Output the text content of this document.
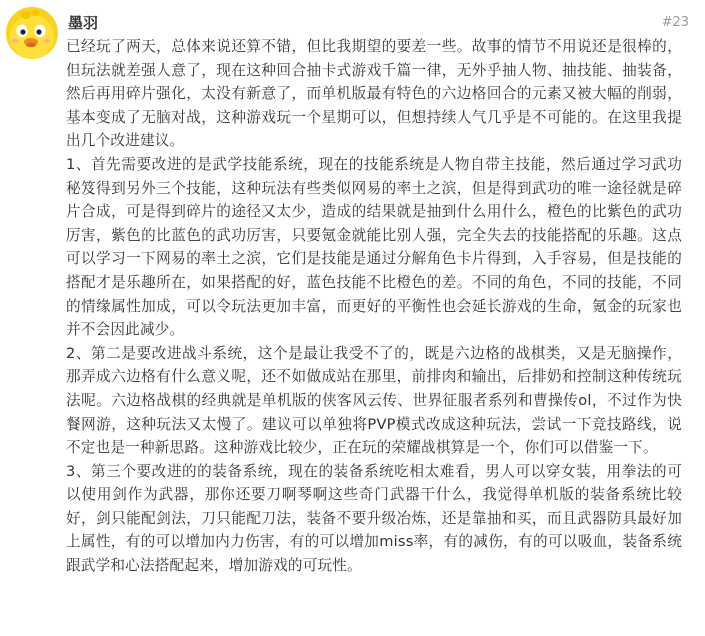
墨羽	#23

已经玩了两天，总体来说还算不错，但比我期望的要差一些。故事的情节不用说还是很棒的，但玩法就差强人意了，现在这种回合抽卡式游戏千篇一律，无外乎抽人物、抽技能、抽装备，然后再用碎片强化，太没有新意了，而单机版最有特色的六边格回合的元素又被大幅的削弱，基本变成了无脑对战，这种游戏玩一个星期可以，但想持续人气几乎是不可能的。在这里我提出几个改进建议。

1、首先需要改进的是武学技能系统，现在的技能系统是人物自带主技能，然后通过学习武功秘笈得到另外三个技能，这种玩法有些类似网易的率土之滨，但是得到武功的唯一途径就是碎片合成，可是得到碎片的途径又太少，造成的结果就是抽到什么用什么，橙色的比紫色的武功厉害，紫色的比蓝色的武功厉害，只要氪金就能比别人强，完全失去的技能搭配的乐趣。这点可以学习一下网易的率土之滨，它们是技能是通过分解角色卡片得到，入手容易，但是技能的搭配才是乐趣所在，如果搭配的好，蓝色技能不比橙色的差。不同的角色，不同的技能，不同的情缘属性加成，可以令玩法更加丰富，而更好的平衡性也会延长游戏的生命，氪金的玩家也并不会因此减少。

2、第二是要改进战斗系统，这个是最让我受不了的，既是六边格的战棋类，又是无脑操作，那弄成六边格有什么意义呢，还不如做成站在那里，前排肉和输出，后排奶和控制这种传统玩法呢。六边格战棋的经典就是单机版的侠客风云传、世界征服者系列和曹操传ol，不过作为快餐网游，这种玩法又太慢了。建议可以单独将PVP模式改成这种玩法，尝试一下竞技路线，说不定也是一种新思路。这种游戏比较少，正在玩的荣耀战棋算是一个，你们可以借鉴一下。

3、第三个要改进的的装备系统，现在的装备系统吃相太难看，男人可以穿女装，用拳法的可以使用剑作为武器，那你还要刀啊琴啊这些奇门武器干什么，我觉得单机版的装备系统比较好，剑只能配剑法，刀只能配刀法，装备不要升级冶炼，还是靠抽和买，而且武器防具最好加上属性，有的可以增加内力伤害，有的可以增加miss率，有的减伤，有的可以吸血，装备系统跟武学和心法搭配起来，增加游戏的可玩性。
